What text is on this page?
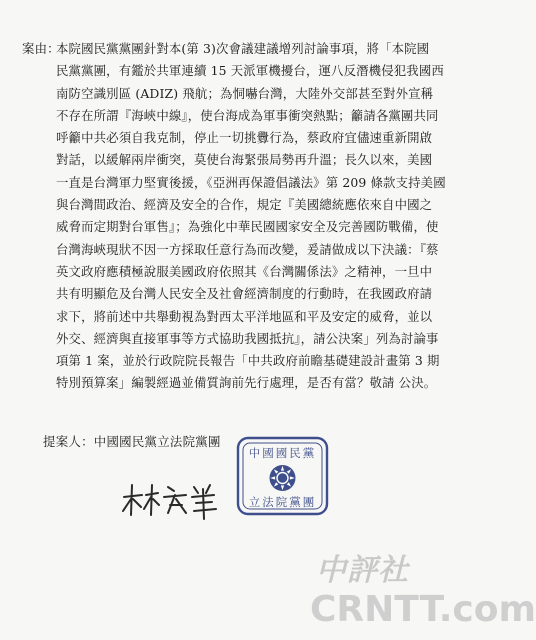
案由：
本院國民黨黨團針對本(第 3)次會議建議增列討論事項，將「本院國
民黨黨團，有鑑於共軍連續 15 天派軍機擾台，運八反潛機侵犯我國西
南防空識別區 (ADIZ) 飛航；為恫嚇台灣，大陸外交部甚至對外宣稱
不存在所謂『海峽中線』，使台海成為軍事衝突熱點；籲請各黨團共同
呼籲中共必須自我克制，停止一切挑釁行為，蔡政府宜儘速重新開啟
對話，以緩解兩岸衝突，莫使台海緊張局勢再升溫；長久以來，美國
一直是台灣軍力堅實後援，《亞洲再保證倡議法》第 209 條款支持美國
與台灣間政治、經濟及安全的合作，規定『美國總統應依來自中國之
威脅而定期對台軍售』；為強化中華民國國家安全及完善國防戰備，使
台灣海峽現狀不因一方採取任意行為而改變，爰請做成以下決議：『蔡
英文政府應積極說服美國政府依照其《台灣關係法》之精神，一旦中
共有明顯危及台灣人民安全及社會經濟制度的行動時，在我國政府請
求下，將前述中共舉動視為對西太平洋地區和平及安定的威脅，並以
外交、經濟與直接軍事等方式協助我國抵抗』，請公決案」列為討論事
項第 1 案，並於行政院院長報告「中共政府前瞻基礎建設計畫第 3 期
特別預算案」編製經過並備質詢前先行處理，是否有當？敬請 公決。
提案人：中國國民黨立法院黨團
中國國民黨
立法院黨團
中評社
CRNTT.com
